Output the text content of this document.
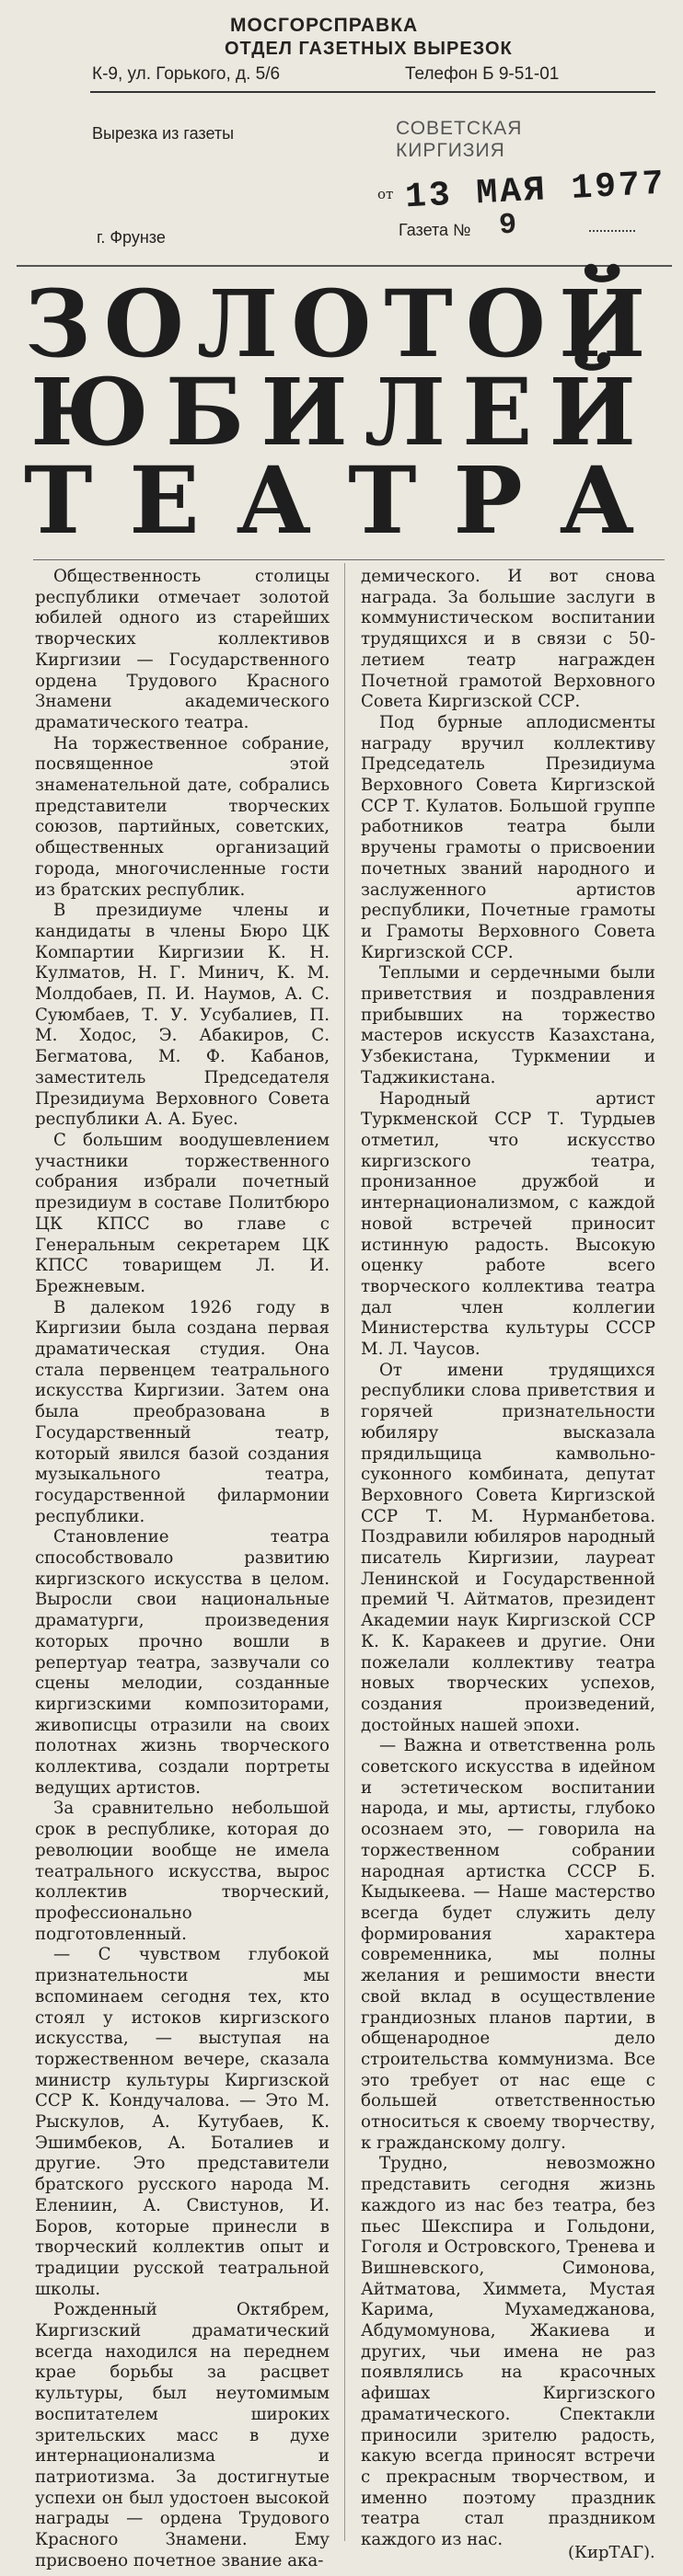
МОСГОРСПРАВКА
ОТДЕЛ ГАЗЕТНЫХ ВЫРЕЗОК
К-9, ул. Горького, д. 5/6	Телефон Б 9-51-01
Вырезка из газеты	СОВЕТСКАЯ КИРГИЗИЯ
от 13 МАЯ 1977
г. Фрунзе	Газета № 9
ЗОЛОТОЙ
ЮБИЛЕЙ
ТЕАТРА

Общественность столицы республики отмечает золотой юбилей одного из старейших творческих коллективов Киргизии — Государственного ордена Трудового Красного Знамени академического драматического театра.

На торжественное собрание, посвященное этой знаменательной дате, собрались представители творческих союзов, партийных, советских, общественных организаций города, многочисленные гости из братских республик.

В президиуме члены и кандидаты в члены Бюро ЦК Компартии Киргизии К. Н. Кулматов, Н. Г. Минич, К. М. Молдобаев, П. И. Наумов, А. С. Суюмбаев, Т. У. Усубалиев, П. М. Ходос, Э. Абакиров, С. Бегматова, М. Ф. Кабанов, заместитель Председателя Президиума Верховного Совета республики А. А. Буес.

С большим воодушевлением участники торжественного собрания избрали почетный президиум в составе Политбюро ЦК КПСС во главе с Генеральным секретарем ЦК КПСС товарищем Л. И. Брежневым.

В далеком 1926 году в Киргизии была создана первая драматическая студия. Она стала первенцем театрального искусства Киргизии. Затем она была преобразована в Государственный театр, который явился базой создания музыкального театра, государственной филармонии республики.

Становление театра способствовало развитию киргизского искусства в целом. Выросли свои национальные драматурги, произведения которых прочно вошли в репертуар театра, зазвучали со сцены мелодии, созданные киргизскими композиторами, живописцы отразили на своих полотнах жизнь творческого коллектива, создали портреты ведущих артистов.

За сравнительно небольшой срок в республике, которая до революции вообще не имела театрального искусства, вырос коллектив творческий, профессионально подготовленный.

— С чувством глубокой признательности мы вспоминаем сегодня тех, кто стоял у истоков киргизского искусства, — выступая на торжественном вечере, сказала министр культуры Киргизской ССР К. Кондучалова. — Это М. Рыскулов, А. Кутубаев, К. Эшимбеков, А. Боталиев и другие. Это представители братского русского народа М. Елениин, А. Свистунов, И. Боров, которые принесли в творческий коллектив опыт и традиции русской театральной школы.

Рожденный Октябрем, Киргизский драматический всегда находился на переднем крае борьбы за расцвет культуры, был неутомимым воспитателем широких зрительских масс в духе интернационализма и патриотизма. За достигнутые успехи он был удостоен высокой награды — ордена Трудового Красного Знамени. Ему присвоено почетное звание ака-

демического. И вот снова награда. За большие заслуги в коммунистическом воспитании трудящихся и в связи с 50-летием театр награжден Почетной грамотой Верховного Совета Киргизской ССР.

Под бурные аплодисменты награду вручил коллективу Председатель Президиума Верховного Совета Киргизской ССР Т. Кулатов. Большой группе работников театра были вручены грамоты о присвоении почетных званий народного и заслуженного артистов республики, Почетные грамоты и Грамоты Верховного Совета Киргизской ССР.

Теплыми и сердечными были приветствия и поздравления прибывших на торжество мастеров искусств Казахстана, Узбекистана, Туркмении и Таджикистана.

Народный артист Туркменской ССР Т. Турдыев отметил, что искусство киргизского театра, пронизанное дружбой и интернационализмом, с каждой новой встречей приносит истинную радость. Высокую оценку работе всего творческого коллектива театра дал член коллегии Министерства культуры СССР М. Л. Чаусов.

От имени трудящихся республики слова приветствия и горячей признательности юбиляру высказала прядильщица камвольно-суконного комбината, депутат Верховного Совета Киргизской ССР Т. М. Нурманбетова. Поздравили юбиляров народный писатель Киргизии, лауреат Ленинской и Государственной премий Ч. Айтматов, президент Академии наук Киргизской ССР К. К. Каракеев и другие. Они пожелали коллективу театра новых творческих успехов, создания произведений, достойных нашей эпохи.

— Важна и ответственна роль советского искусства в идейном и эстетическом воспитании народа, и мы, артисты, глубоко осознаем это, — говорила на торжественном собрании народная артистка СССР Б. Кыдыкеева. — Наше мастерство всегда будет служить делу формирования характера современника, мы полны желания и решимости внести свой вклад в осуществление грандиозных планов партии, в общенародное дело строительства коммунизма. Все это требует от нас еще с большей ответственностью относиться к своему творчеству, к гражданскому долгу.

Трудно, невозможно представить сегодня жизнь каждого из нас без театра, без пьес Шекспира и Гольдони, Гоголя и Островского, Тренева и Вишневского, Симонова, Айтматова, Химмета, Мустая Карима, Мухамеджанова, Абдумомунова, Жакиева и других, чьи имена не раз появлялись на красочных афишах Киргизского драматического. Спектакли приносили зрителю радость, какую всегда приносят встречи с прекрасным творчеством, и именно поэтому праздник театра стал праздником каждого из нас.

(КирТАГ).
